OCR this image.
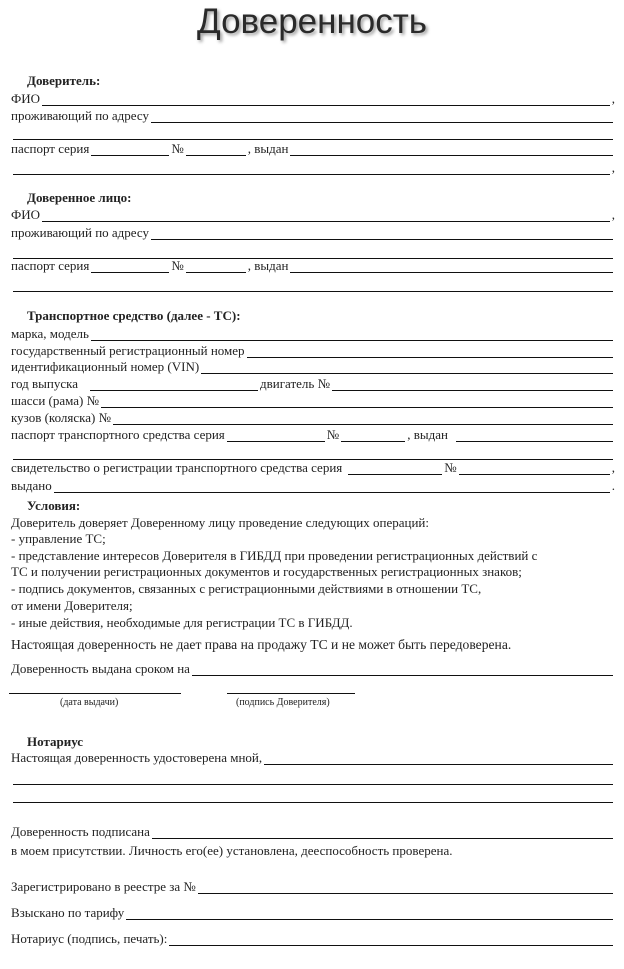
Доверенность
Доверитель:
ФИО	,
проживающий по адресу
паспорт серия	№	, выдан
,
Доверенное лицо:
ФИО	,
проживающий по адресу
паспорт серия	№	, выдан
Транспортное средство (далее - ТС):
марка, модель
государственный регистрационный номер
идентификационный номер (VIN)
год выпуска	двигатель №
шасси (рама) №
кузов (коляска) №
паспорт транспортного средства серия	№	, выдан
свидетельство о регистрации транспортного средства серия	№	,
выдано	.
Условия:
Доверитель доверяет Доверенному лицу проведение следующих операций:
- управление ТС;
- представление интересов Доверителя в ГИБДД при проведении регистрационных действий с
ТС и получении регистрационных документов и государственных регистрационных знаков;
- подпись документов, связанных с регистрационными действиями в отношении ТС,
от имени Доверителя;
- иные действия, необходимые для регистрации ТС в ГИБДД.
Настоящая доверенность не дает права на продажу ТС и не может быть передоверена.
Доверенность выдана сроком на
(дата выдачи)	(подпись Доверителя)
Нотариус
Настоящая доверенность удостоверена мной,
Доверенность подписана
в моем присутствии. Личность его(ее) установлена, дееспособность проверена.
Зарегистрировано в реестре за №
Взыскано по тарифу
Нотариус (подпись, печать):
